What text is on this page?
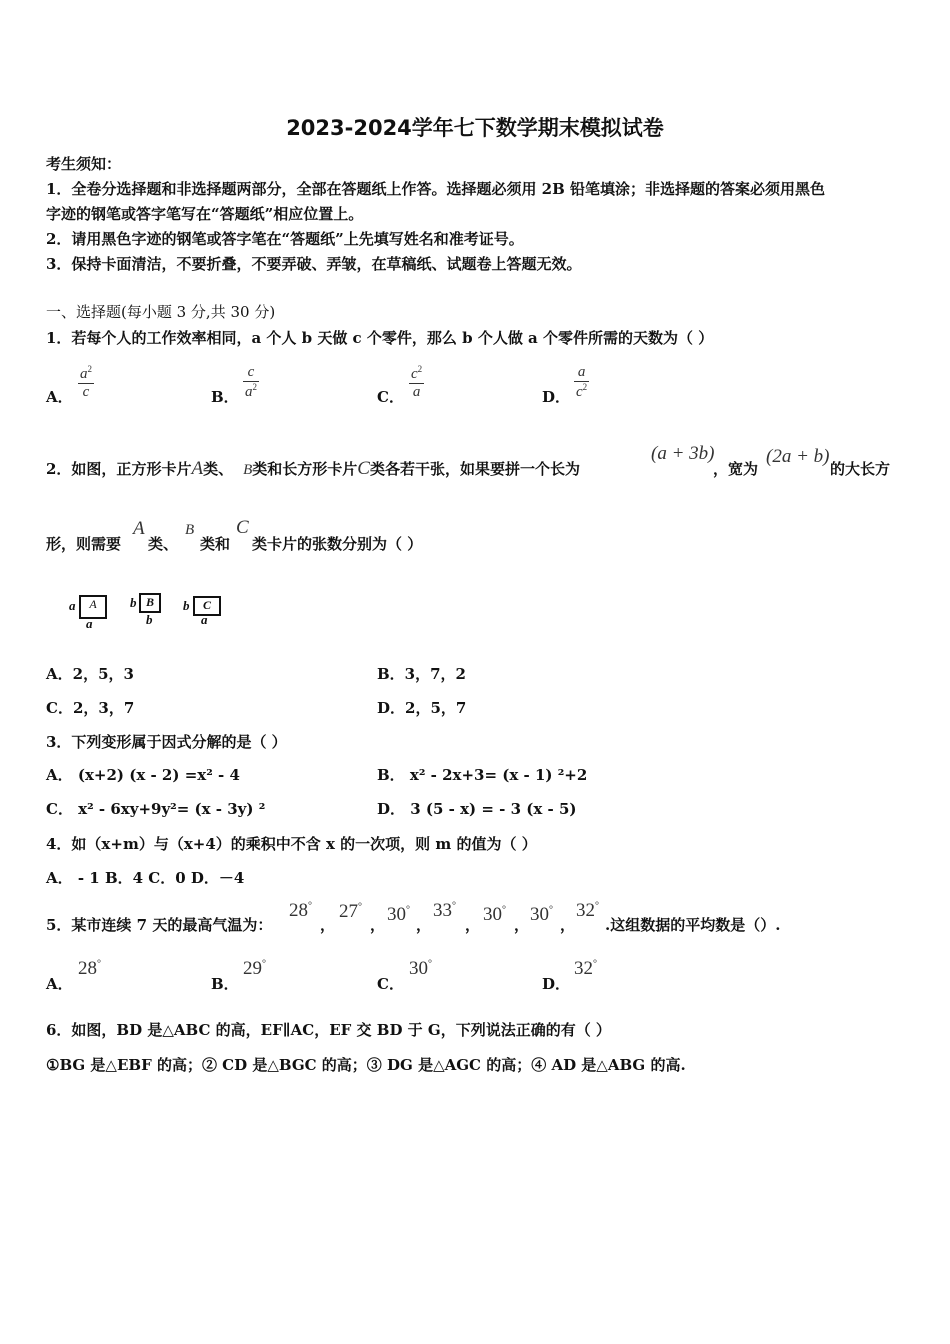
2023-2024学年七下数学期末模拟试卷
考生须知：
1．全卷分选择题和非选择题两部分，全部在答题纸上作答。选择题必须用 2B 铅笔填涂；非选择题的答案必须用黑色
字迹的钢笔或答字笔写在“答题纸”相应位置上。
2．请用黑色字迹的钢笔或答字笔在“答题纸”上先填写姓名和准考证号。
3．保持卡面清洁，不要折叠，不要弄破、弄皱，在草稿纸、试题卷上答题无效。
一、选择题(每小题 3 分,共 30 分)
1．若每个人的工作效率相同，a 个人 b 天做 c 个零件，那么 b 个人做 a 个零件所需的天数为（ ）
A． $\frac{a^2}{c}$	B． $\frac{c}{a^2}$	C． $\frac{c^2}{a}$	D． $\frac{a}{c^2}$
2．如图，正方形卡片A类、 B类和长方形卡片C类各若干张，如果要拼一个长为
(a + 3b)
，宽为
(2a + b)
的大长方
形，则需要
A
类、
B
类和
C
类卡片的张数分别为（ ）
a	A
a
b B
b
b	C
a
A．2，5，3	B．3，7，2
C．2，3，7	D．2，5，7
3．下列变形属于因式分解的是（ ）
A． (x+2) (x - 2) =x² - 4	B． x² - 2x+3= (x - 1) ²+2
C． x² - 6xy+9y²= (x - 3y) ²	D． 3 (5 - x) = - 3 (x - 5)
4．如（x+m）与（x+4）的乘积中不含 x 的一次项，则 m 的值为（ ）
A． - 1 B．4 C．0 D．－4
5．某市连续 7 天的最高气温为：
28°
，
27°
， 30°
，
33°
， 30°
， 30°
，
32°
.这组数据的平均数是（）.
A．
28°
B．
29°
C．
30°
D．
32°
6．如图，BD 是△ABC 的高，EF∥AC，EF 交 BD 于 G，下列说法正确的有（ ）
①BG 是△EBF 的高；② CD 是△BGC 的高；③ DG 是△AGC 的高；④ AD 是△ABG 的高.
